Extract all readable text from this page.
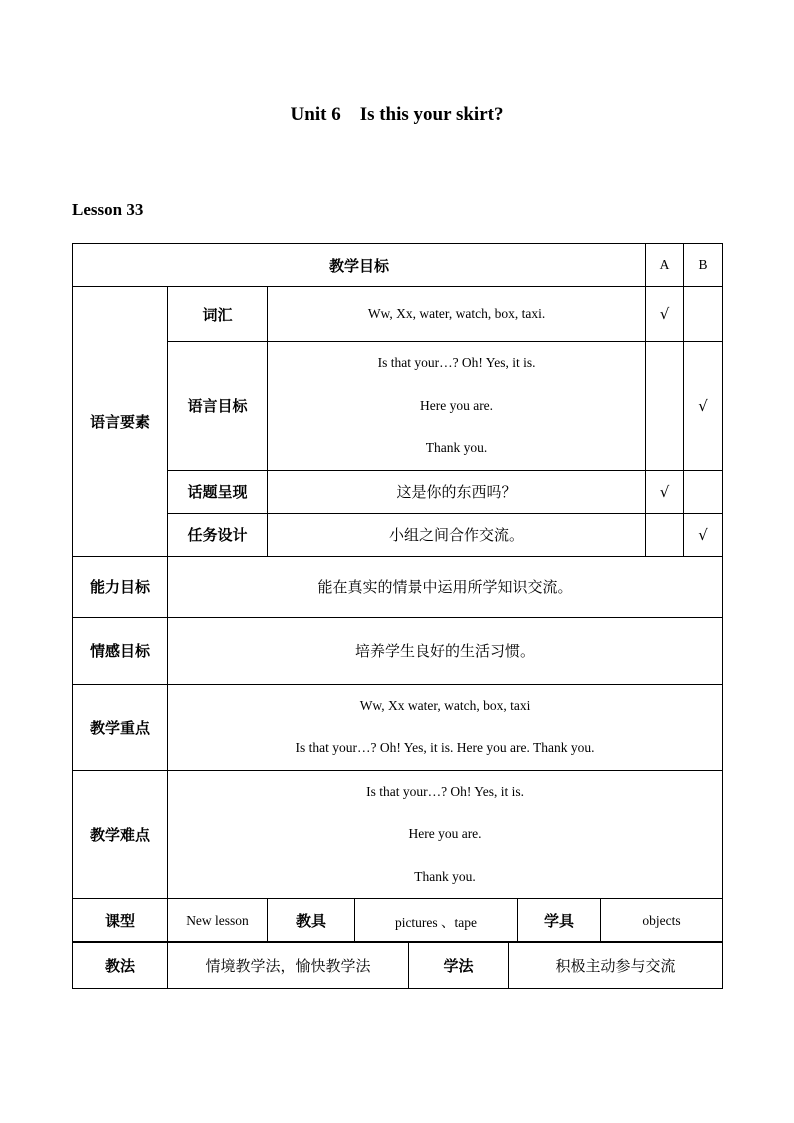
Unit 6    Is this your skirt?
Lesson 33
教学目标			A	B
语言要素	词汇	Ww, Xx, water, watch, box, taxi.	√	
	语言目标	Is that your…? Oh! Yes, it is.
Here you are.
Thank you.		√
	话题呈现	这是你的东西吗？	√	
	任务设计	小组之间合作交流。		√
能力目标	能在真实的情景中运用所学知识交流。			
情感目标	培养学生良好的生活习惯。			
教学重点	Ww, Xx water, watch, box, taxi
Is that your…? Oh! Yes, it is. Here you are. Thank you.			

教学难点	Is that your…? Oh! Yes, it is.
Here you are.
Thank you.			
课型	New lesson	教具	pictures 、tape	学具	objects
教法	情境教学法，愉快教学法	学法	积极主动参与交流
